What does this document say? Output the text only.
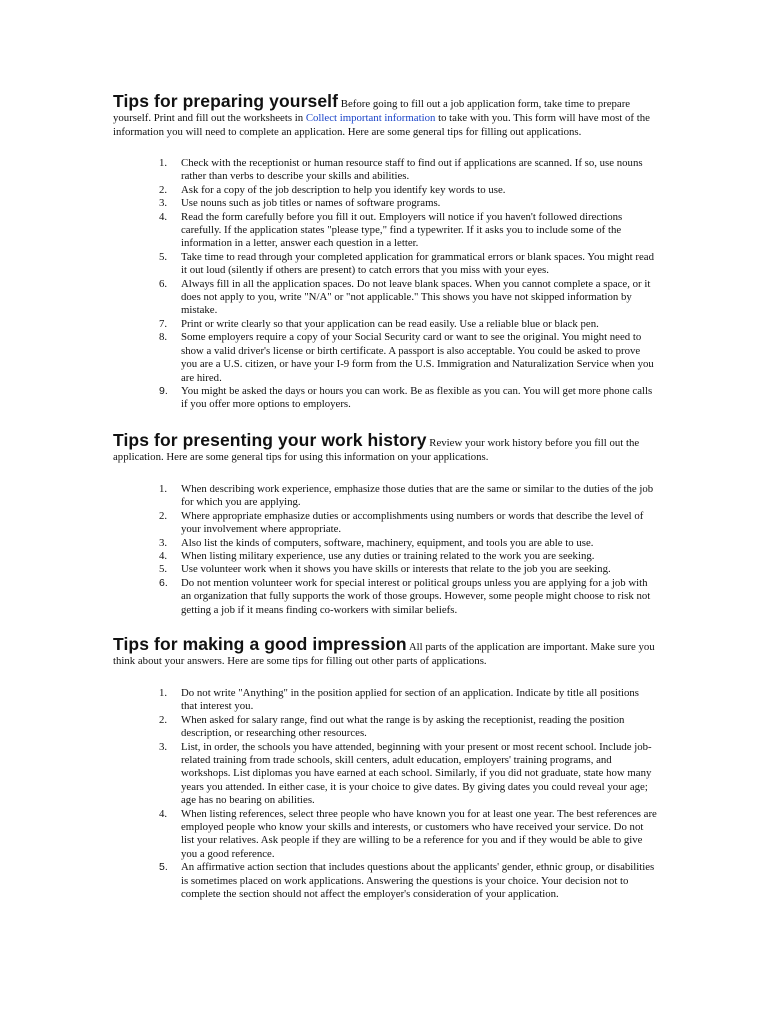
Tips for preparing yourself Before going to fill out a job application form, take time to prepare yourself. Print and fill out the worksheets in Collect important information to take with you. This form will have most of the information you will need to complete an application. Here are some general tips for filling out applications.

1. Check with the receptionist or human resource staff to find out if applications are scanned. If so, use nouns rather than verbs to describe your skills and abilities.
2. Ask for a copy of the job description to help you identify key words to use.
3. Use nouns such as job titles or names of software programs.
4. Read the form carefully before you fill it out. Employers will notice if you haven't followed directions carefully. If the application states "please type," find a typewriter. If it asks you to include some of the information in a letter, answer each question in a letter.
5. Take time to read through your completed application for grammatical errors or blank spaces. You might read it out loud (silently if others are present) to catch errors that you miss with your eyes.
6. Always fill in all the application spaces. Do not leave blank spaces. When you cannot complete a space, or it does not apply to you, write "N/A" or "not applicable." This shows you have not skipped information by mistake.
7. Print or write clearly so that your application can be read easily. Use a reliable blue or black pen.
8. Some employers require a copy of your Social Security card or want to see the original. You might need to show a valid driver's license or birth certificate. A passport is also acceptable. You could be asked to prove you are a U.S. citizen, or have your I-9 form from the U.S. Immigration and Naturalization Service when you are hired.
9. You might be asked the days or hours you can work. Be as flexible as you can. You will get more phone calls if you offer more options to employers.

Tips for presenting your work history Review your work history before you fill out the application. Here are some general tips for using this information on your applications.

1. When describing work experience, emphasize those duties that are the same or similar to the duties of the job for which you are applying.
2. Where appropriate emphasize duties or accomplishments using numbers or words that describe the level of your involvement where appropriate.
3. Also list the kinds of computers, software, machinery, equipment, and tools you are able to use.
4. When listing military experience, use any duties or training related to the work you are seeking.
5. Use volunteer work when it shows you have skills or interests that relate to the job you are seeking.
6. Do not mention volunteer work for special interest or political groups unless you are applying for a job with an organization that fully supports the work of those groups. However, some people might choose to risk not getting a job if it means finding co-workers with similar beliefs.

Tips for making a good impression All parts of the application are important. Make sure you think about your answers. Here are some tips for filling out other parts of applications.

1. Do not write "Anything" in the position applied for section of an application. Indicate by title all positions that interest you.
2. When asked for salary range, find out what the range is by asking the receptionist, reading the position description, or researching other resources.
3. List, in order, the schools you have attended, beginning with your present or most recent school. Include job-related training from trade schools, skill centers, adult education, employers' training programs, and workshops. List diplomas you have earned at each school. Similarly, if you did not graduate, state how many years you attended. In either case, it is your choice to give dates. By giving dates you could reveal your age; age has no bearing on abilities.
4. When listing references, select three people who have known you for at least one year. The best references are employed people who know your skills and interests, or customers who have received your service. Do not list your relatives. Ask people if they are willing to be a reference for you and if they would be able to give you a good reference.
5. An affirmative action section that includes questions about the applicants' gender, ethnic group, or disabilities is sometimes placed on work applications. Answering the questions is your choice. Your decision not to complete the section should not affect the employer's consideration of your application.
